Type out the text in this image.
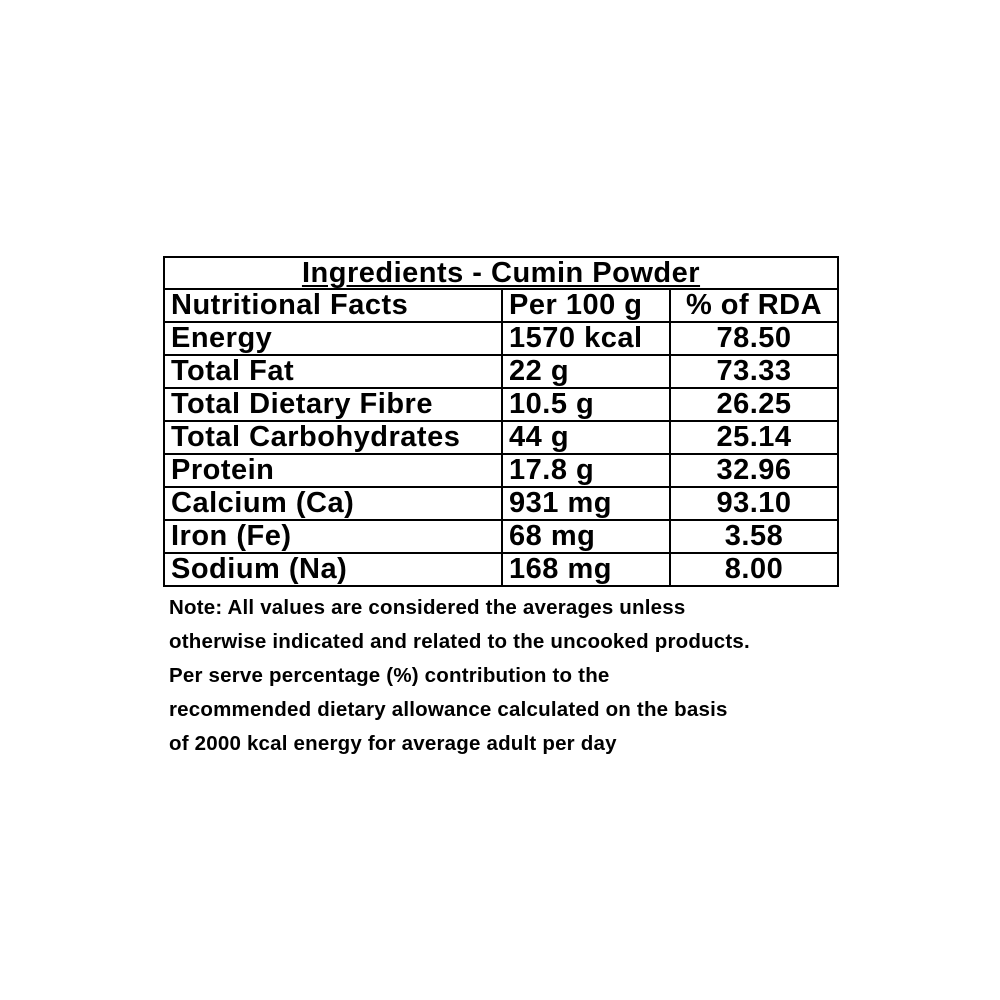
Ingredients - Cumin Powder		
Nutritional Facts	Per 100 g	% of RDA
Energy	1570 kcal	78.50
Total Fat	22 g	73.33
Total Dietary Fibre	10.5 g	26.25
Total Carbohydrates	44 g	25.14
Protein	17.8 g	32.96
Calcium (Ca)	931 mg	93.10
Iron (Fe)	68 mg	3.58
Sodium (Na)	168 mg	8.00
Note: All values are considered the averages unless
otherwise indicated and related to the uncooked products.
Per serve percentage (%) contribution to the
recommended dietary allowance calculated on the basis
of 2000 kcal energy for average adult per day
